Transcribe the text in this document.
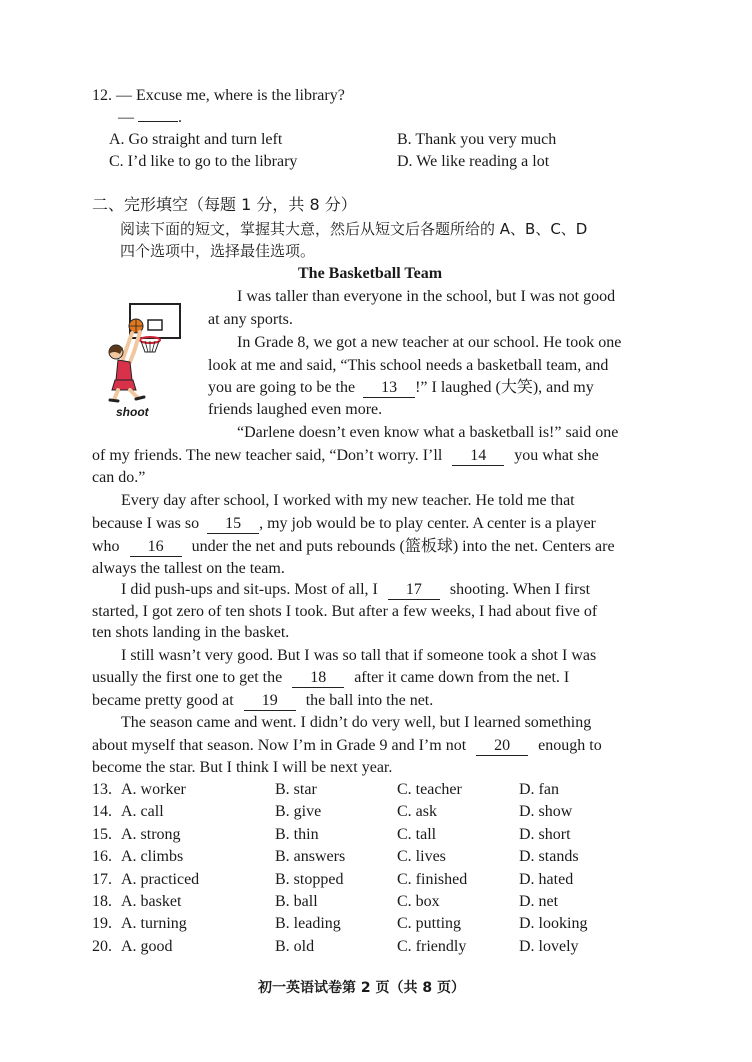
12. — Excuse me, where is the library?
—	.
A. Go straight and turn left	B. Thank you very much
C. I’d like to go to the library	D. We like reading a lot
二、完形填空（每题 1 分，共 8 分）
阅读下面的短文，掌握其大意，然后从短文后各题所给的 A、B、C、D
四个选项中，选择最佳选项。
The Basketball Team
shoot
I was taller than everyone in the school, but I was not good
at any sports.
In Grade 8, we got a new teacher at our school. He took one
look at me and said, “This school needs a basketball team, and
you are going to be the 13 !” I laughed (大笑), and my
friends laughed even more.
“Darlene doesn’t even know what a basketball is!” said one
of my friends. The new teacher said, “Don’t worry. I’ll 14 you what she
can do.”
Every day after school, I worked with my new teacher. He told me that
because I was so 15 , my job would be to play center. A center is a player
who 16 under the net and puts rebounds (篮板球) into the net. Centers are
always the tallest on the team.
I did push-ups and sit-ups. Most of all, I 17 shooting. When I first
started, I got zero of ten shots I took. But after a few weeks, I had about five of
ten shots landing in the basket.
I still wasn’t very good. But I was so tall that if someone took a shot I was
usually the first one to get the 18 after it came down from the net. I
became pretty good at 19 the ball into the net.
The season came and went. I didn’t do very well, but I learned something
about myself that season. Now I’m in Grade 9 and I’m not 20 enough to
become the star. But I think I will be next year.
13. A. worker	B. star	C. teacher	D. fan
14. A. call	B. give	C. ask	D. show
15. A. strong	B. thin	C. tall	D. short
16. A. climbs	B. answers	C. lives	D. stands
17. A. practiced	B. stopped	C. finished	D. hated
18. A. basket	B. ball	C. box	D. net
19. A. turning	B. leading	C. putting	D. looking
20. A. good	B. old	C. friendly	D. lovely
初一英语试卷第 2 页（共 8 页）
